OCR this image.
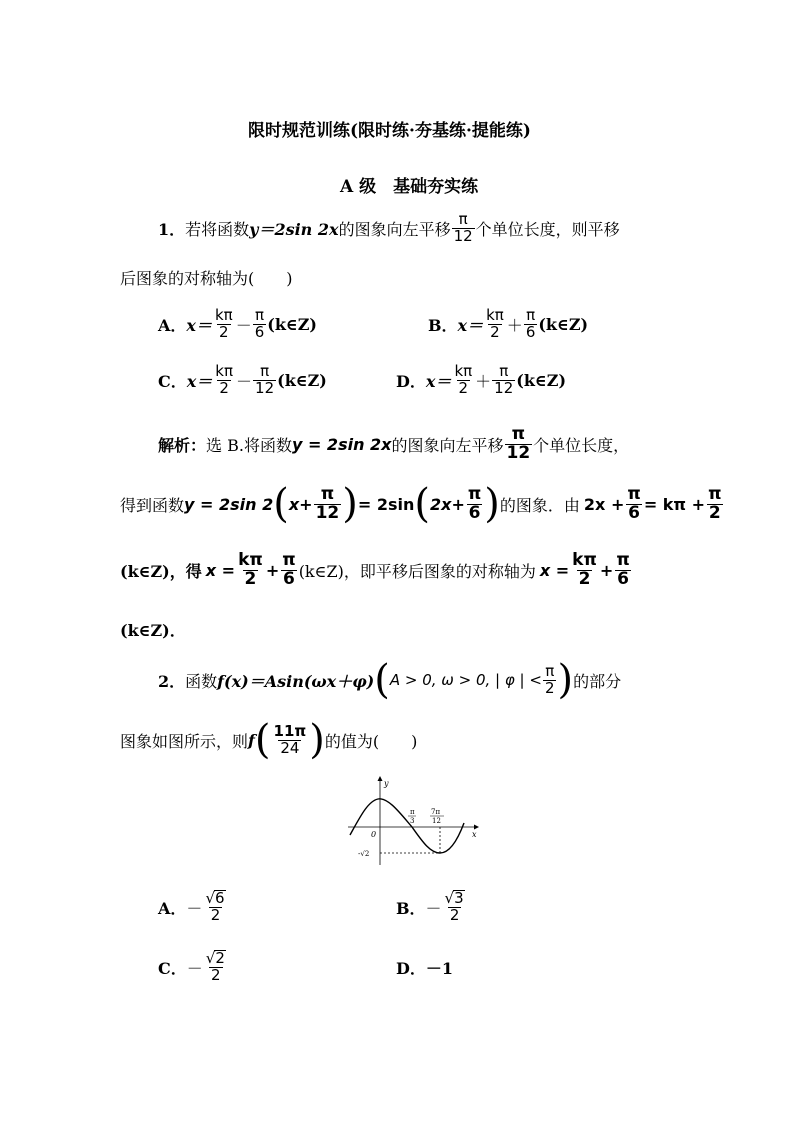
限时规范训练(限时练·夯基练·提能练)
A 级　基础夯实练
1． 若将函数 y＝2sin 2x 的图象向左平移 $\frac{\pi}{12}$ 个单位长度，则平移
后图象的对称轴为(　　)
A． $x= \frac{k\pi}{2} - \frac{\pi}{6}$ (k∈Z)	B． $x= \frac{k\pi}{2} + \frac{\pi}{6}$ (k∈Z)
C． $x= \frac{k\pi}{2} - \frac{\pi}{12}$ (k∈Z)	D． $x= \frac{k\pi}{2} + \frac{\pi}{12}$ (k∈Z)
解析： 选 B.将函数 y = 2sin 2x 的图象向左平移 $\frac{\pi}{12}$ 个单位长度，
得到函数 y = 2sin 2 ( $x + \frac{\pi}{12}$ ) = 2sin ( $2x + \frac{\pi}{6}$ ) 的图象．由 $2x + \frac{\pi}{6} = k\pi + \frac{\pi}{2}$
(k∈Z)，得 $x = \frac{k\pi}{2} + \frac{\pi}{6}$ (k∈Z)，即平移后图象的对称轴为 $x = \frac{k\pi}{2} + \frac{\pi}{6}$
(k∈Z)．
2． 函数 f(x)＝Asin(ωx＋φ) ( A > 0, ω > 0, | φ | < $\frac{\pi}{2}$ ) 的部分
图象如图所示，则 f ( $\frac{11\pi}{24}$ ) 的值为(　　)
y
x
0
π
3
7π
12
-√2
A． － $\frac{√6}{2}$	B． － $\frac{√3}{2}$
C． － $\frac{√2}{2}$	D． －1
